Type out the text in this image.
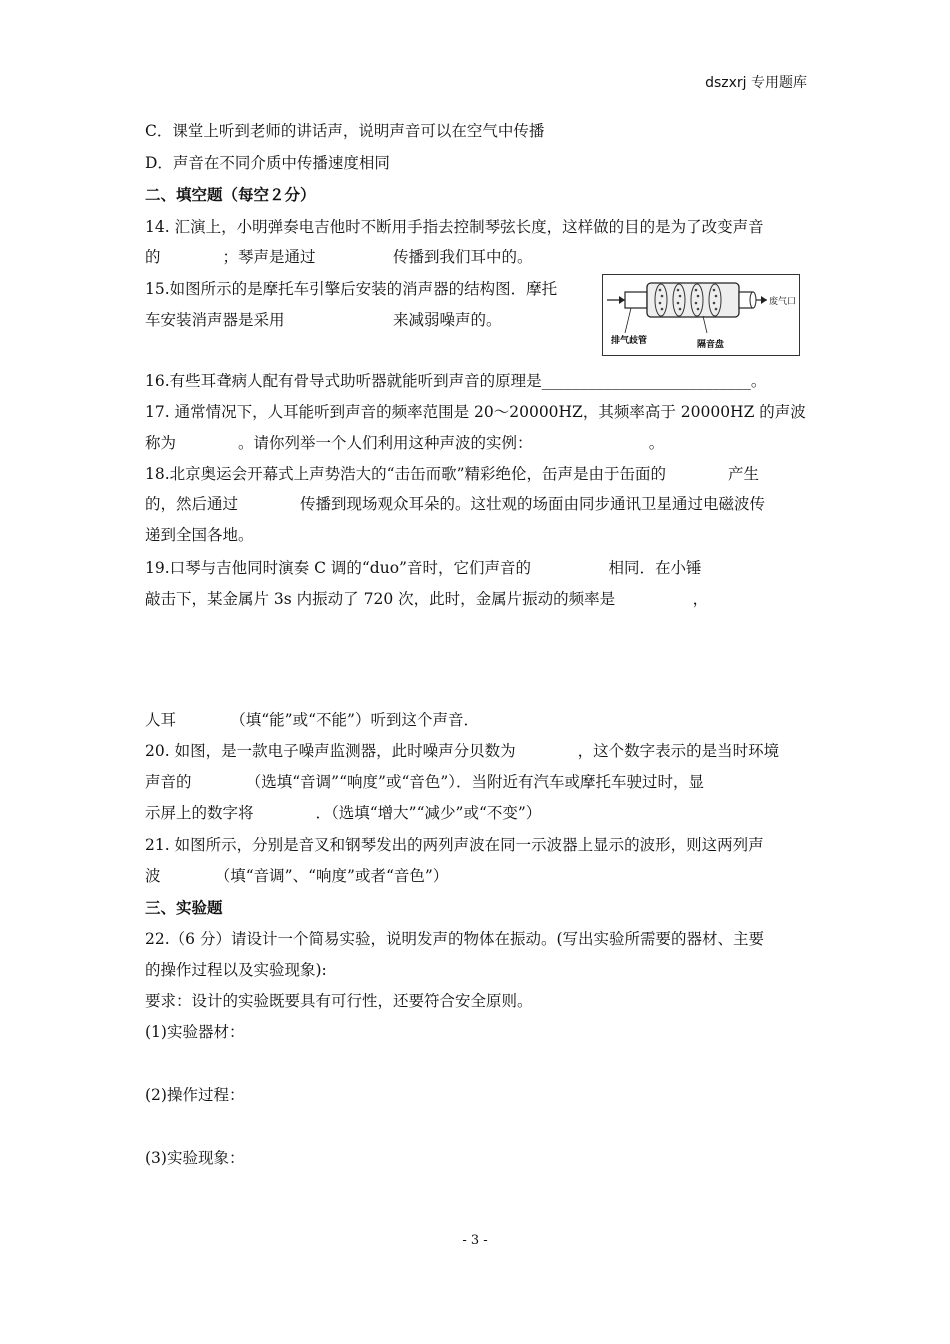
dszxrj 专用题库
C．课堂上听到老师的讲话声，说明声音可以在空气中传播
D．声音在不同介质中传播速度相同
二、填空题（每空２分）
14. 汇演上，小明弹奏电吉他时不断用手指去控制琴弦长度，这样做的目的是为了改变声音
的　　　　；琴声是通过　　　　　传播到我们耳中的。
15.如图所示的是摩托车引擎后安装的消声器的结构图．摩托
车安装消声器是采用　　　　　　　来减弱噪声的。
废气口
排气歧管	隔音盘
16.有些耳聋病人配有骨导式助听器就能听到声音的原理是___________________________。
17. 通常情况下，人耳能听到声音的频率范围是 20～20000HZ，其频率高于 20000HZ 的声波
称为　　　　。请你列举一个人们利用这种声波的实例：　　　　　　　　。
18.北京奥运会开幕式上声势浩大的“击缶而歌”精彩绝伦，缶声是由于缶面的　　　　产生
的，然后通过　　　　传播到现场观众耳朵的。这壮观的场面由同步通讯卫星通过电磁波传
递到全国各地。
19.口琴与吉他同时演奏 C 调的“duo”音时，它们声音的　　　　　相同．在小锤
敲击下，某金属片 3s 内振动了 720 次，此时，金属片振动的频率是　　　　　，
人耳　　　　（填“能”或“不能”）听到这个声音．
20. 如图，是一款电子噪声监测器，此时噪声分贝数为　　　　，这个数字表示的是当时环境
声音的　　　　（选填“音调”“响度”或“音色”）．当附近有汽车或摩托车驶过时，显
示屏上的数字将　　　　．（选填“增大”“减少”或“不变”）
21. 如图所示，分别是音叉和钢琴发出的两列声波在同一示波器上显示的波形，则这两列声
波　　　　（填“音调”、“响度”或者“音色”）
三、实验题
22.（6 分）请设计一个简易实验，说明发声的物体在振动。(写出实验所需要的器材、主要
的操作过程以及实验现象):
要求：设计的实验既要具有可行性，还要符合安全原则。
(1)实验器材：
(2)操作过程：
(3)实验现象：
- 3 -
